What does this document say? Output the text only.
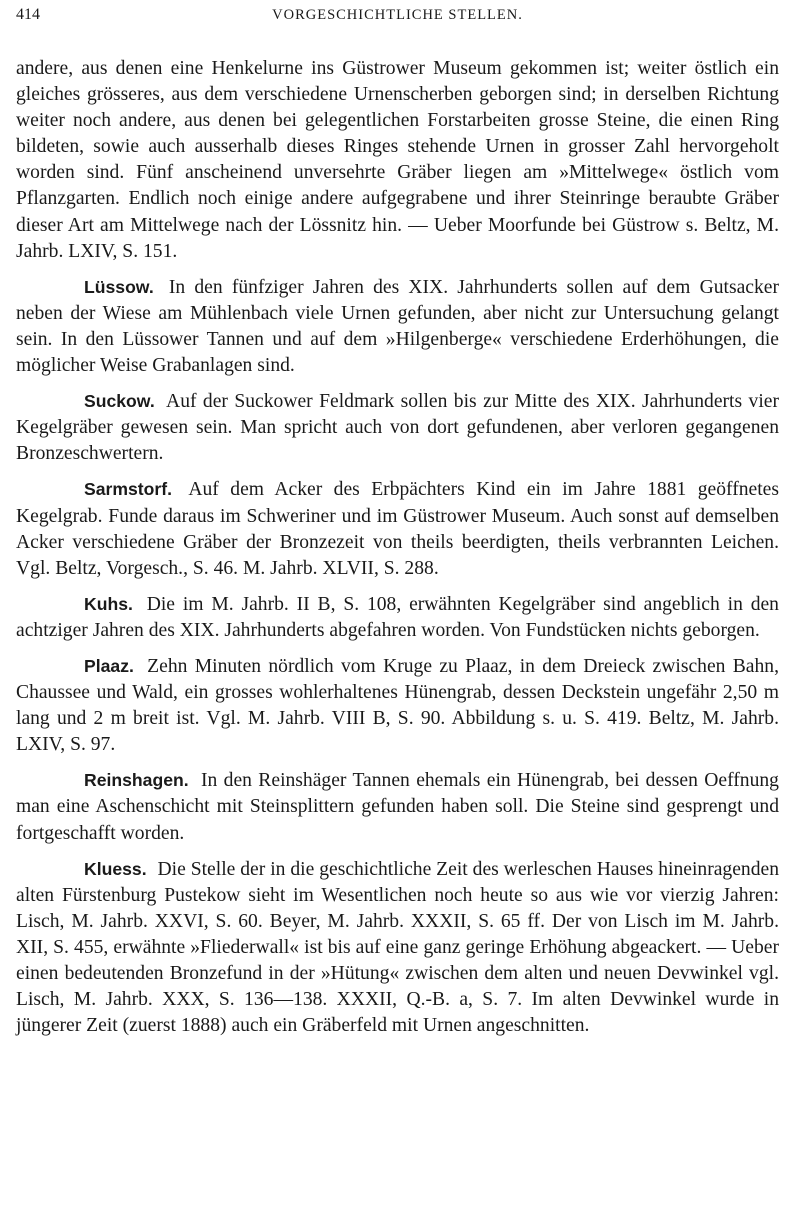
414	VORGESCHICHTLICHE STELLEN.

andere, aus denen eine Henkelurne ins Güstrower Museum gekommen ist; weiter östlich ein gleiches grösseres, aus dem verschiedene Urnenscherben geborgen sind; in derselben Richtung weiter noch andere, aus denen bei gelegentlichen Forstarbeiten grosse Steine, die einen Ring bildeten, sowie auch ausserhalb dieses Ringes stehende Urnen in grosser Zahl hervorgeholt worden sind. Fünf anscheinend unversehrte Gräber liegen am »Mittelwege« östlich vom Pflanzgarten. Endlich noch einige andere aufgegrabene und ihrer Steinringe beraubte Gräber dieser Art am Mittelwege nach der Lössnitz hin. — Ueber Moorfunde bei Güstrow s. Beltz, M. Jahrb. LXIV, S. 151.

Lüssow. In den fünfziger Jahren des XIX. Jahrhunderts sollen auf dem Gutsacker neben der Wiese am Mühlenbach viele Urnen gefunden, aber nicht zur Untersuchung gelangt sein. In den Lüssower Tannen und auf dem »Hilgenberge« verschiedene Erderhöhungen, die möglicher Weise Grabanlagen sind.

Suckow. Auf der Suckower Feldmark sollen bis zur Mitte des XIX. Jahrhunderts vier Kegelgräber gewesen sein. Man spricht auch von dort gefundenen, aber verloren gegangenen Bronzeschwertern.

Sarmstorf. Auf dem Acker des Erbpächters Kind ein im Jahre 1881 geöffnetes Kegelgrab. Funde daraus im Schweriner und im Güstrower Museum. Auch sonst auf demselben Acker verschiedene Gräber der Bronzezeit von theils beerdigten, theils verbrannten Leichen. Vgl. Beltz, Vorgesch., S. 46. M. Jahrb. XLVII, S. 288.

Kuhs. Die im M. Jahrb. II B, S. 108, erwähnten Kegelgräber sind angeblich in den achtziger Jahren des XIX. Jahrhunderts abgefahren worden. Von Fundstücken nichts geborgen.

Plaaz. Zehn Minuten nördlich vom Kruge zu Plaaz, in dem Dreieck zwischen Bahn, Chaussee und Wald, ein grosses wohlerhaltenes Hünengrab, dessen Deckstein ungefähr 2,50 m lang und 2 m breit ist. Vgl. M. Jahrb. VIII B, S. 90. Abbildung s. u. S. 419. Beltz, M. Jahrb. LXIV, S. 97.

Reinshagen. In den Reinshäger Tannen ehemals ein Hünengrab, bei dessen Oeffnung man eine Aschenschicht mit Steinsplittern gefunden haben soll. Die Steine sind gesprengt und fortgeschafft worden.

Kluess. Die Stelle der in die geschichtliche Zeit des werleschen Hauses hineinragenden alten Fürstenburg Pustekow sieht im Wesentlichen noch heute so aus wie vor vierzig Jahren: Lisch, M. Jahrb. XXVI, S. 60. Beyer, M. Jahrb. XXXII, S. 65 ff. Der von Lisch im M. Jahrb. XII, S. 455, erwähnte »Fliederwall« ist bis auf eine ganz geringe Erhöhung abgeackert. — Ueber einen bedeutenden Bronzefund in der »Hütung« zwischen dem alten und neuen Devwinkel vgl. Lisch, M. Jahrb. XXX, S. 136—138. XXXII, Q.-B. a, S. 7. Im alten Devwinkel wurde in jüngerer Zeit (zuerst 1888) auch ein Gräberfeld mit Urnen angeschnitten.
